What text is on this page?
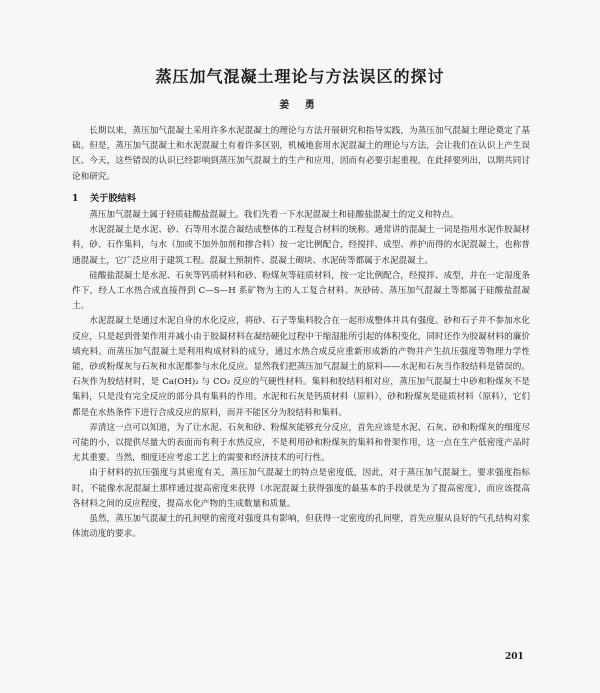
蒸压加气混凝土理论与方法误区的探讨
姜 勇

长期以来，蒸压加气混凝土采用许多水泥混凝土的理论与方法开展研究和指导实践，为蒸压加气混凝土理论奠定了基础。但是，蒸压加气混凝土和水泥混凝土有着许多区别，机械地套用水泥混凝土的理论与方法，会让我们在认识上产生误区。今天，这些错误的认识已经影响到蒸压加气混凝土的生产和应用，因而有必要引起重视，在此择要列出，以期共同讨论和研究。

1 关于胶结料

蒸压加气混凝土属于轻质硅酸盐混凝土。我们先看一下水泥混凝土和硅酸盐混凝土的定义和特点。

水泥混凝土是水泥、砂、石等用水混合凝结成整体的工程复合材料的统称。通常讲的混凝土一词是指用水泥作胶凝材料，砂、石作集料，与水（加或不加外加剂和掺合料）按一定比例配合，经搅拌、成型、养护而得的水泥混凝土，也称普通混凝土，它广泛应用于建筑工程。混凝土预制件、混凝土砌块、水泥砖等都属于水泥混凝土。

硅酸盐混凝土是水泥、石灰等钙质材料和砂、粉煤灰等硅质材料，按一定比例配合，经搅拌、成型，并在一定湿度条件下，经人工水热合成直接得到 C—S—H 系矿物为主的人工复合材料。灰砂砖、蒸压加气混凝土等都属于硅酸盐混凝土。

水泥混凝土是通过水泥自身的水化反应，将砂、石子等集料胶合在一起形成整体并具有强度。砂和石子并不参加水化反应，只是起到骨架作用并减小由于胶凝材料在凝结硬化过程中干缩湿胀所引起的体积变化，同时还作为胶凝材料的廉价填充料。而蒸压加气混凝土是利用构成材料的成分，通过水热合成反应重新形成新的产物并产生抗压强度等物理力学性能，砂或粉煤灰与石灰和水泥都参与水化反应。显然我们把蒸压加气混凝土的原料——水泥和石灰当作胶结料是错误的。石灰作为胶结材时，是 Ca(OH)₂ 与 CO₂ 反应的气硬性材料。集料和胶结料相对应，蒸压加气混凝土中砂和粉煤灰不是集料，只是没有完全反应的部分具有集料的作用。水泥和石灰是钙质材料（原料），砂和粉煤灰是硅质材料（原料），它们都是在水热条件下进行合成反应的原料，而并不能区分为胶结料和集料。

弄清这一点可以知道，为了让水泥、石灰和砂、粉煤灰能够充分反应，首先应该是水泥、石灰、砂和粉煤灰的细度尽可能的小，以提供尽量大的表面而有利于水热反应，不是利用砂和粉煤灰的集料和骨架作用，这一点在生产低密度产品时尤其重要。当然，细度还应考虑工艺上的需要和经济技术的可行性。

由于材料的抗压强度与其密度有关，蒸压加气混凝土的特点是密度低，因此，对于蒸压加气混凝土，要求强度指标时，不能像水泥混凝土那样通过提高密度来获得（水泥混凝土获得强度的最基本的手段就是为了提高密度），而应该提高各材料之间的反应程度，提高水化产物的生成数量和质量。

虽然，蒸压加气混凝土的孔间壁的密度对强度具有影响，但获得一定密度的孔间壁，首先应服从良好的气孔结构对浆体流动度的要求。

201
